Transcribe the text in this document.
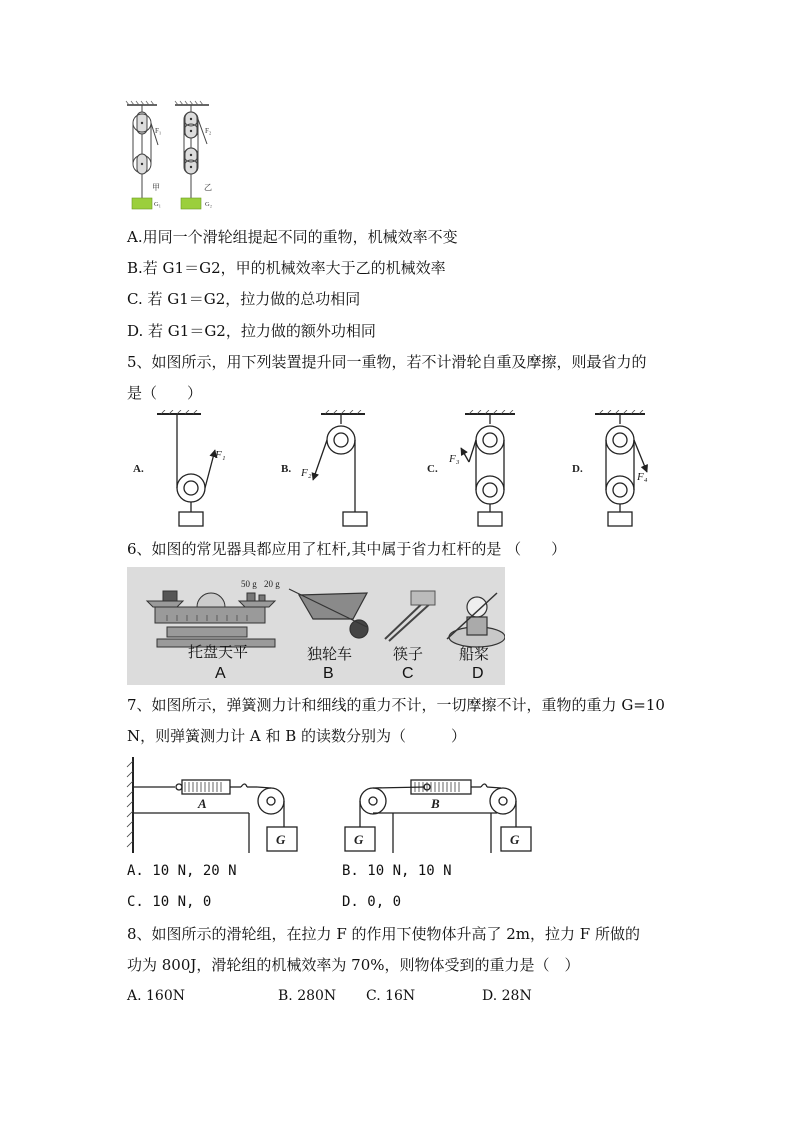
F₁
甲
G₁
F₂
乙
G₂
A.用同一个滑轮组提起不同的重物，机械效率不变
B.若 G1＝G2，甲的机械效率大于乙的机械效率
C. 若 G1＝G2，拉力做的总功相同
D. 若 G1＝G2，拉力做的额外功相同
5、如图所示，用下列装置提升同一重物，若不计滑轮自重及摩擦，则最省力的
是（　　）
A.	B.	C.	D.
F₁
F₂
F₃
F₄
6、如图的常见器具都应用了杠杆,其中属于省力杠杆的是 （　　）
50 g 20 g
托盘天平	独轮车	筷子 船桨
A	B	C	D
7、如图所示，弹簧测力计和细线的重力不计，一切摩擦不计，重物的重力 G=10
N，则弹簧测力计 A 和 B 的读数分别为（　　　）
A	B
G	G	G
A. 10 N, 20 N	B. 10 N, 10 N
C. 10 N, 0	D. 0, 0
8、如图所示的滑轮组，在拉力 F 的作用下使物体升高了 2m，拉力 F 所做的
功为 800J，滑轮组的机械效率为 70%，则物体受到的重力是（　）
A. 160N	B. 280N C. 16N	D. 28N
